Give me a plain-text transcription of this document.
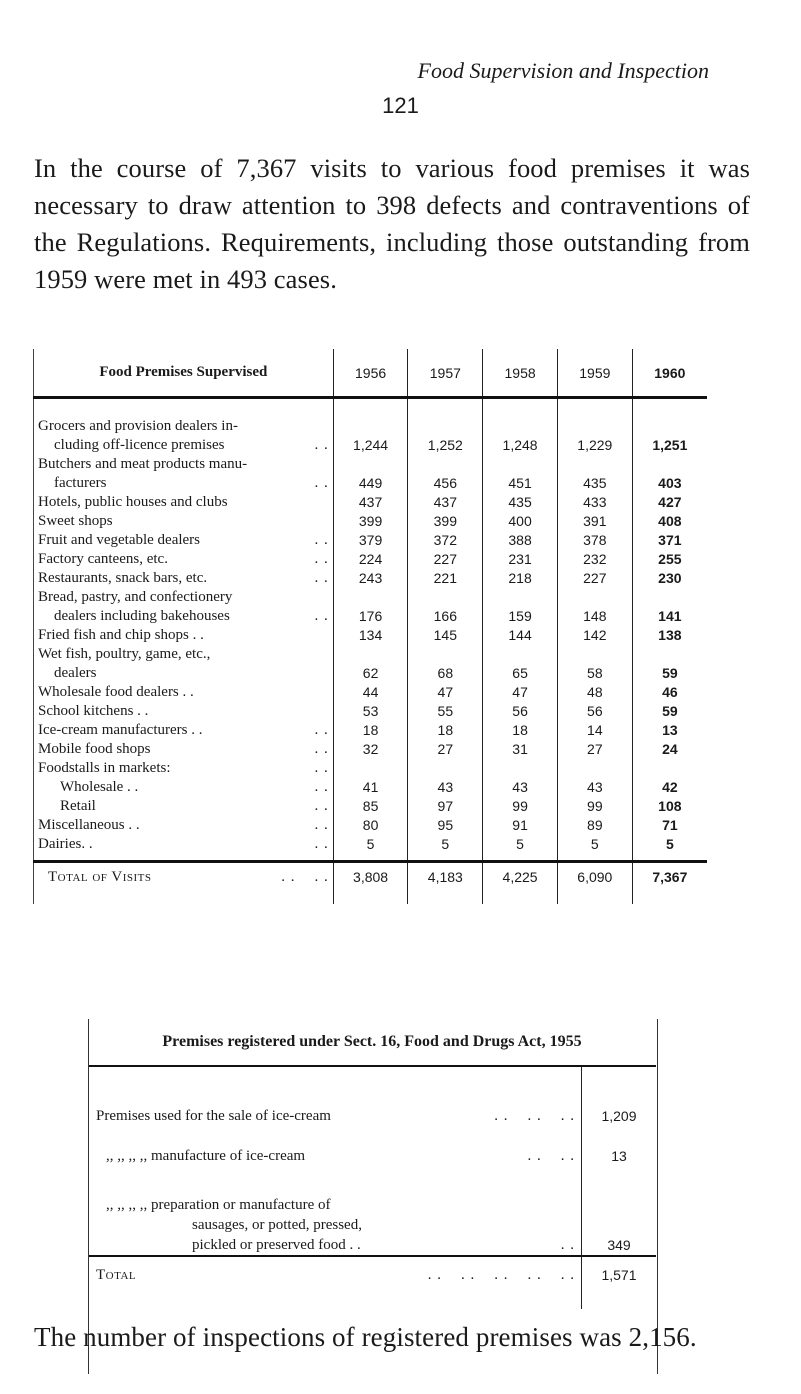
Food Supervision and Inspection
121

In the course of 7,367 visits to various food premises it was necessary to draw attention to 398 defects and contraventions of the Regulations. Requirements, including those outstanding from 1959 were met in 493 cases.

Food Premises Supervised	1956	1957	1958	1959	1960

Grocers and provision dealers in-
cluding off-licence premises . .	1,244	1,252	1,248	1,229	1,251

Butchers and meat products manu-
facturers . .	449	456	451	435	403

Hotels, public houses and clubs	437	437	435	433	427

Sweet shops	399	399	400	391	408

Fruit and vegetable dealers . .	379	372	388	378	371

Factory canteens, etc. . .	224	227	231	232	255

Restaurants, snack bars, etc. . .	243	221	218	227	230

Bread, pastry, and confectionery
dealers including bakehouses . .	176	166	159	148	141

Fried fish and chip shops . .	134	145	144	142	138

Wet fish, poultry, game, etc.,
dealers	62	68	65	58	59

Wholesale food dealers . .	44	47	47	48	46

School kitchens . .	53	55	56	56	59

Ice-cream manufacturers . . . .	18	18	18	14	13

Mobile food shops . .	32	27	31	27	24

Foodstalls in markets: . .					

Wholesale . . . .	41	43	43	43	42

Retail . .	85	97	99	99	108

Miscellaneous . . . .	80	95	91	89	71

Dairies. . . .	5	5	5	5	5

Total of Visits . .    . .	3,808	4,183	4,225	6,090	7,367
Premises registered under Sect. 16, Food and Drugs Act, 1955	
Premises used for the sale of ice-cream . .    . .    . .	1,209
,, ,, ,, ,, manufacture of ice-cream . .    . .	13

,, ,, ,, ,, preparation or manufacture of
sausages, or potted, pressed,
pickled or preserved food . . . .	349
Total . .    . .    . .    . .    . .	1,571

The number of inspections of registered premises was 2,156.
